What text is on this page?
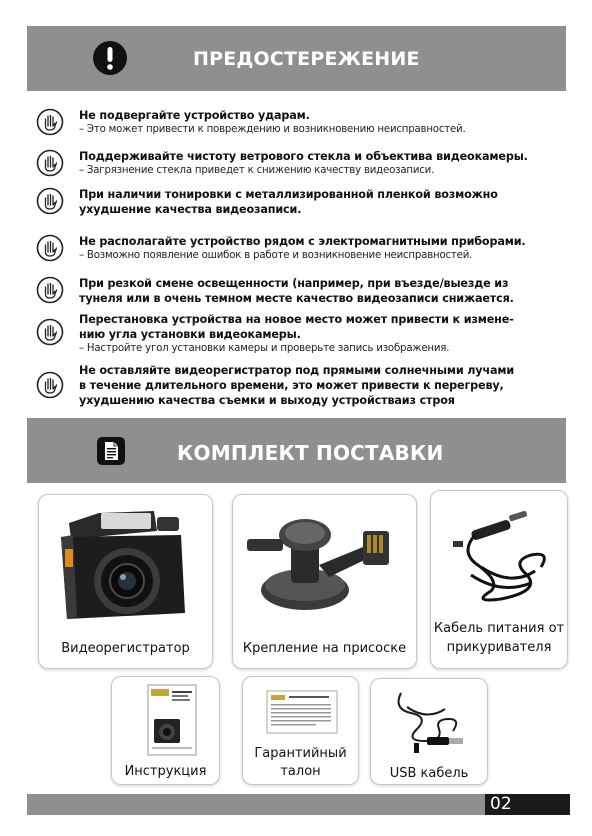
ПРЕДОСТЕРЕЖЕНИЕ
Не подвергайте устройство ударам.
– Это может привести к повреждению и возникновению неисправностей.
Поддерживайте чистоту ветрового стекла и объектива видеокамеры.
– Загрязнение стекла приведет к снижению качеству видеозаписи.
При наличии тонировки с металлизированной пленкой возможно ухудшение качества видеозаписи.
Не располагайте устройство рядом с электромагнитными приборами.
– Возможно появление ошибок в работе и возникновение неисправностей.
При резкой смене освещенности (например, при въезде/выезде из тунеля или в очень темном месте качество видеозаписи снижается.
Перестановка устройства на новое место может привести к измене-нию угла установки видеокамеры.
– Настройте угол установки камеры и проверьте запись изображения.
Не оставляйте видеорегистратор под прямыми солнечными лучами в течение длительного времени, это может привести к перегреву, ухудшению качества съемки и выходу устройстваиз строя
КОМПЛЕКТ ПОСТАВКИ
Видеорегистратор	Крепление на присоске
Кабель питания от прикуривателя
Инструкция
Гарантийный талон	USB кабель
02
